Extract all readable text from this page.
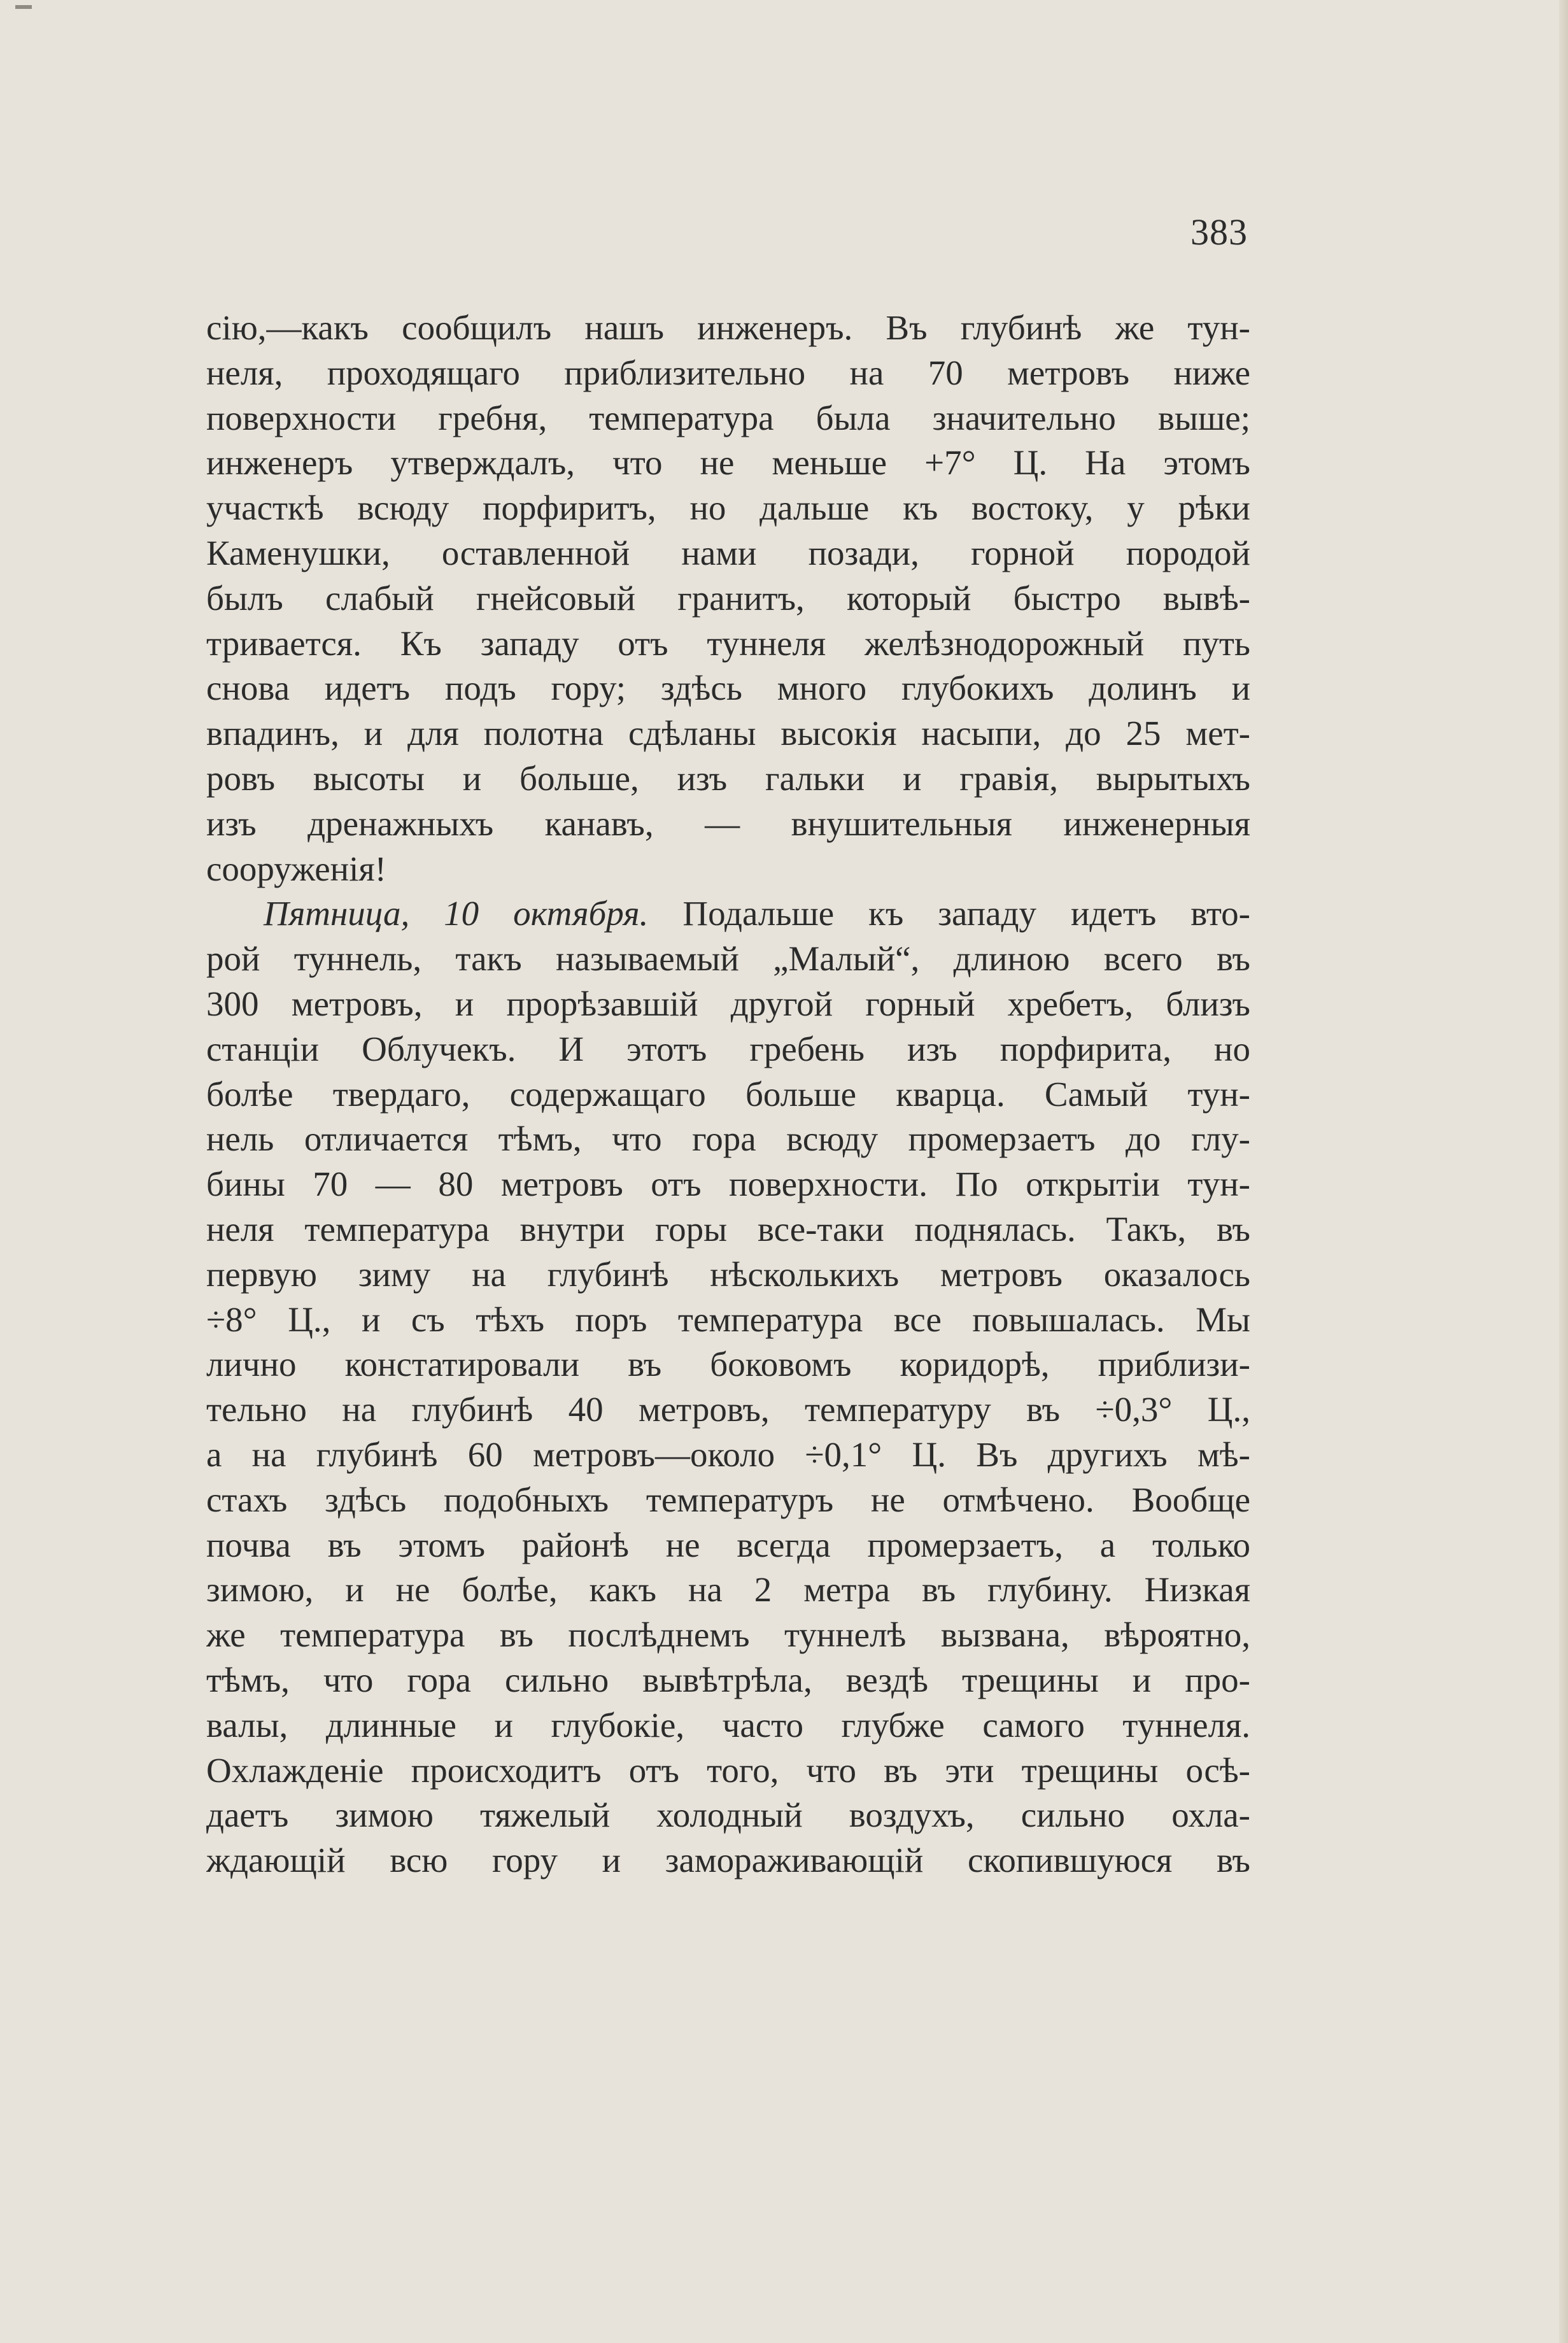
383
сію,—какъ сообщилъ нашъ инженеръ. Въ глубинѣ же тун-
неля, проходящаго приблизительно на 70 метровъ ниже
поверхности гребня, температура была значительно выше;
инженеръ утверждалъ, что не меньше +7° Ц. На этомъ
участкѣ всюду порфиритъ, но дальше къ востоку, у рѣки
Каменушки, оставленной нами позади, горной породой
былъ слабый гнейсовый гранитъ, который быстро вывѣ-
тривается. Къ западу отъ туннеля желѣзнодорожный путь
снова идетъ подъ гору; здѣсь много глубокихъ долинъ и
впадинъ, и для полотна сдѣланы высокія насыпи, до 25 мет-
ровъ высоты и больше, изъ гальки и гравія, вырытыхъ
изъ дренажныхъ канавъ, — внушительныя инженерныя
сооруженія!
Пятница, 10 октября. Подальше къ западу идетъ вто-
рой туннель, такъ называемый „Малый“, длиною всего въ
300 метровъ, и прорѣзавшій другой горный хребетъ, близъ
станціи Облучекъ. И этотъ гребень изъ порфирита, но
болѣе твердаго, содержащаго больше кварца. Самый тун-
нель отличается тѣмъ, что гора всюду промерзаетъ до глу-
бины 70 — 80 метровъ отъ поверхности. По открытіи тун-
неля температура внутри горы все-таки поднялась. Такъ, въ
первую зиму на глубинѣ нѣсколькихъ метровъ оказалось
÷8° Ц., и съ тѣхъ поръ температура все повышалась. Мы
лично констатировали въ боковомъ коридорѣ, приблизи-
тельно на глубинѣ 40 метровъ, температуру въ ÷0,3° Ц.,
а на глубинѣ 60 метровъ—около ÷0,1° Ц. Въ другихъ мѣ-
стахъ здѣсь подобныхъ температуръ не отмѣчено. Вообще
почва въ этомъ районѣ не всегда промерзаетъ, а только
зимою, и не болѣе, какъ на 2 метра въ глубину. Низкая
же температура въ послѣднемъ туннелѣ вызвана, вѣроятно,
тѣмъ, что гора сильно вывѣтрѣла, вездѣ трещины и про-
валы, длинные и глубокіе, часто глубже самого туннеля.
Охлажденіе происходитъ отъ того, что въ эти трещины осѣ-
даетъ зимою тяжелый холодный воздухъ, сильно охла-
ждающій всю гору и замораживающій скопившуюся въ
